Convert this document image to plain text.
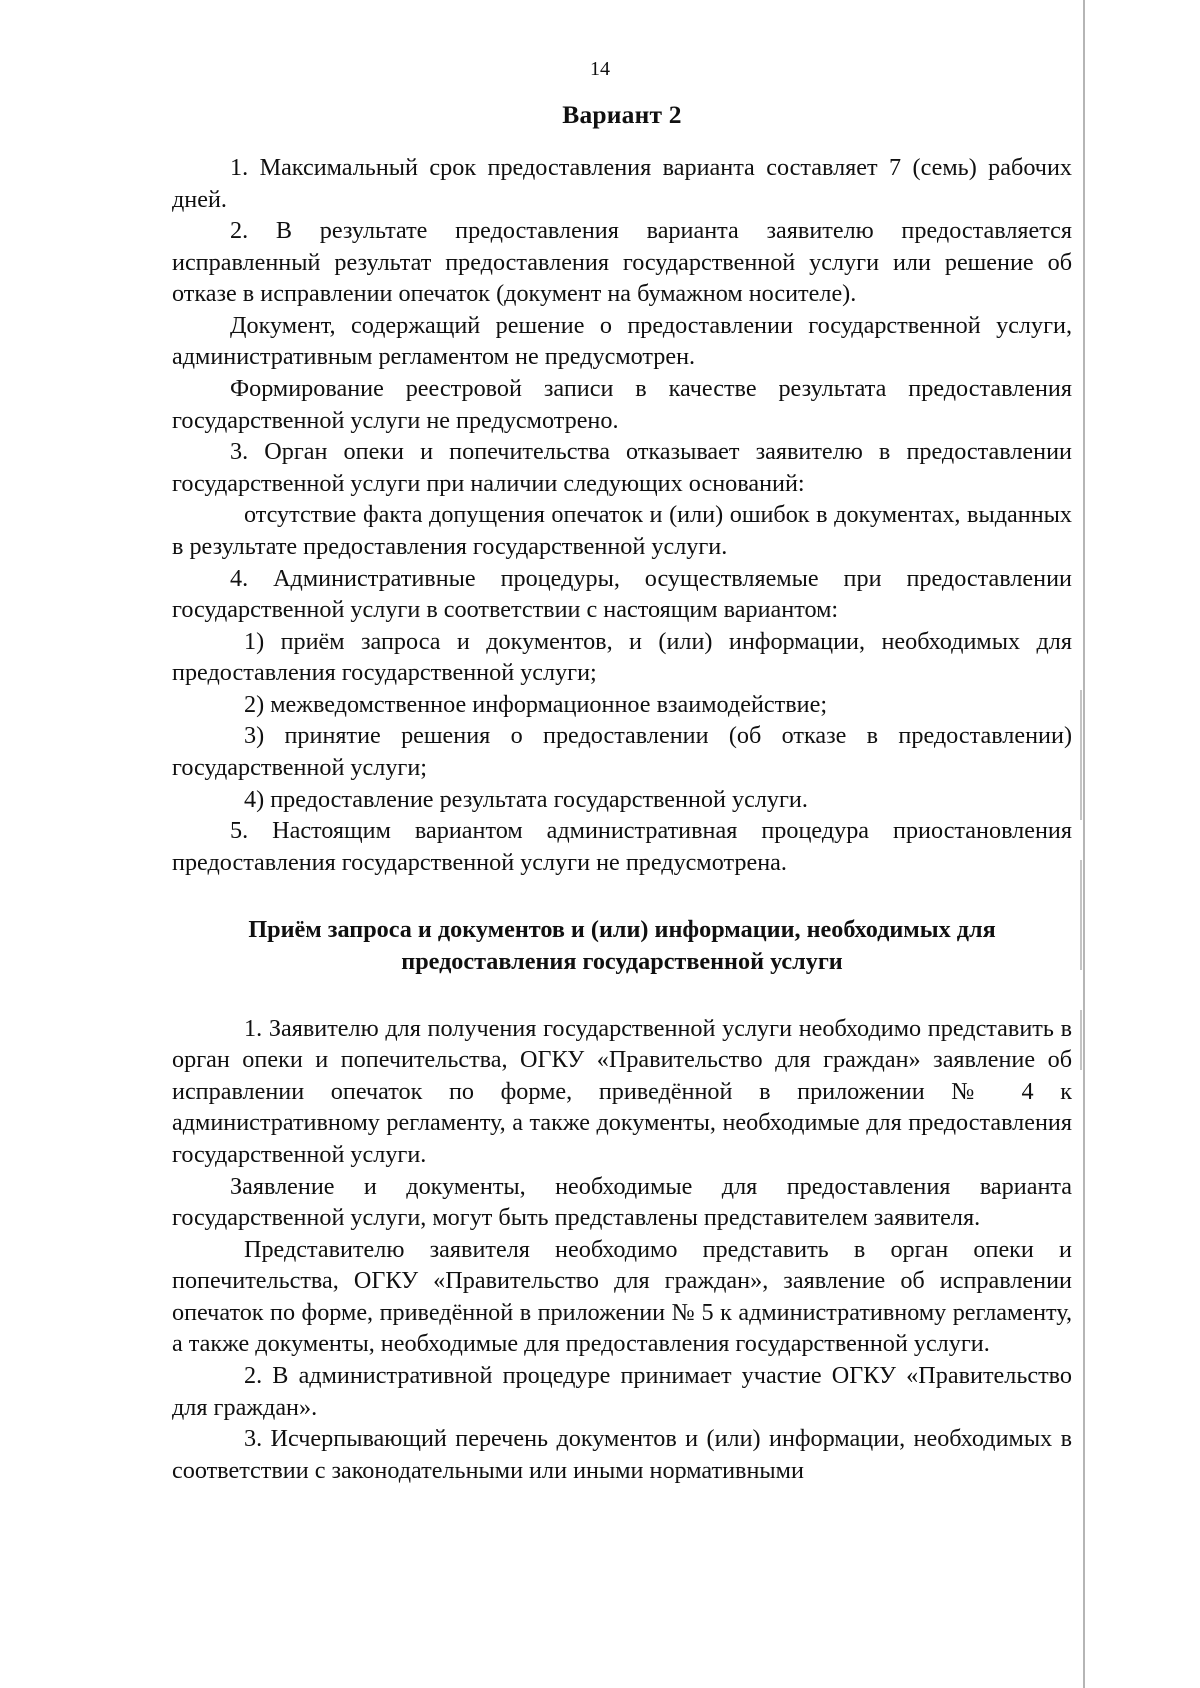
14
Вариант 2

1. Максимальный срок предоставления варианта составляет 7 (семь) рабочих дней.

2. В результате предоставления варианта заявителю предоставляется исправленный результат предоставления государственной услуги или решение об отказе в исправлении опечаток (документ на бумажном носителе).

Документ, содержащий решение о предоставлении государственной услуги, административным регламентом не предусмотрен.

Формирование реестровой записи в качестве результата предоставления государственной услуги не предусмотрено.

3. Орган опеки и попечительства отказывает заявителю в предоставлении государственной услуги при наличии следующих оснований:

отсутствие факта допущения опечаток и (или) ошибок в документах, выданных в результате предоставления государственной услуги.

4. Административные процедуры, осуществляемые при предоставлении государственной услуги в соответствии с настоящим вариантом:

1) приём запроса и документов, и (или) информации, необходимых для предоставления государственной услуги;

2) межведомственное информационное взаимодействие;

3) принятие решения о предоставлении (об отказе в предоставлении) государственной услуги;

4) предоставление результата государственной услуги.

5. Настоящим вариантом административная процедура приостановления предоставления государственной услуги не предусмотрена.

Приём запроса и документов и (или) информации, необходимых для предоставления государственной услуги

1. Заявителю для получения государственной услуги необходимо представить в орган опеки и попечительства, ОГКУ «Правительство для граждан» заявление об исправлении опечаток по форме, приведённой в приложении № 4 к административному регламенту, а также документы, необходимые для предоставления государственной услуги.

Заявление и документы, необходимые для предоставления варианта государственной услуги, могут быть представлены представителем заявителя.

Представителю заявителя необходимо представить в орган опеки и попечительства, ОГКУ «Правительство для граждан», заявление об исправлении опечаток по форме, приведённой в приложении № 5 к административному регламенту, а также документы, необходимые для предоставления государственной услуги.

2. В административной процедуре принимает участие ОГКУ «Правительство для граждан».

3. Исчерпывающий перечень документов и (или) информации, необходимых в соответствии с законодательными или иными нормативными
